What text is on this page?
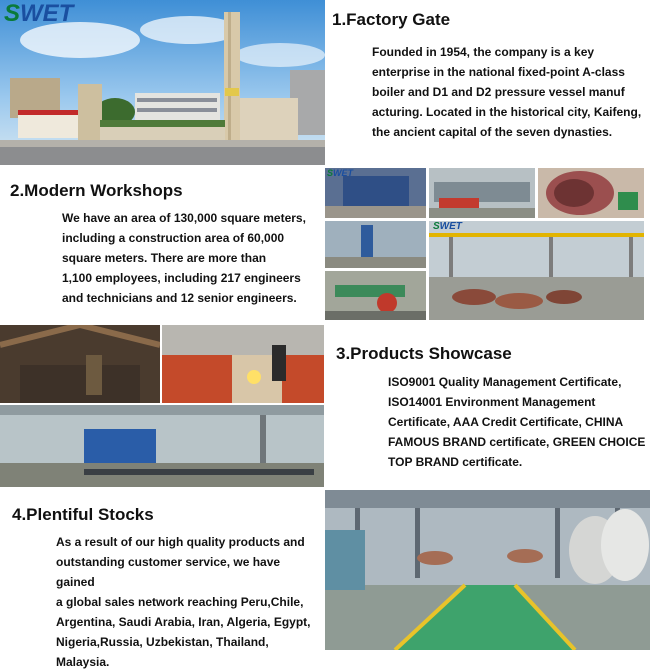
SWET	1.Factory Gate
Founded in 1954, the company is a key
enterprise in the national fixed-point A-class
boiler and D1 and D2 pressure vessel manuf
acturing. Located in the historical city, Kaifeng,
the ancient capital of the seven dynasties.
2.Modern Workshops
We have an area of 130,000 square meters,
including a construction area of 60,000
square meters. There are more than
1,100 employees, including 217 engineers
and technicians and 12 senior engineers.
SWET
SWET
3.Products Showcase
ISO9001 Quality Management Certificate,
ISO14001 Environment Management
Certificate, AAA Credit Certificate, CHINA
FAMOUS BRAND certificate, GREEN CHOICE
TOP BRAND certificate.
4.Plentiful Stocks
As a result of our high quality products and
outstanding customer service, we have gained
a global sales network reaching Peru,Chile,
Argentina, Saudi Arabia, Iran, Algeria, Egypt,
Nigeria,Russia, Uzbekistan, Thailand, Malaysia.
